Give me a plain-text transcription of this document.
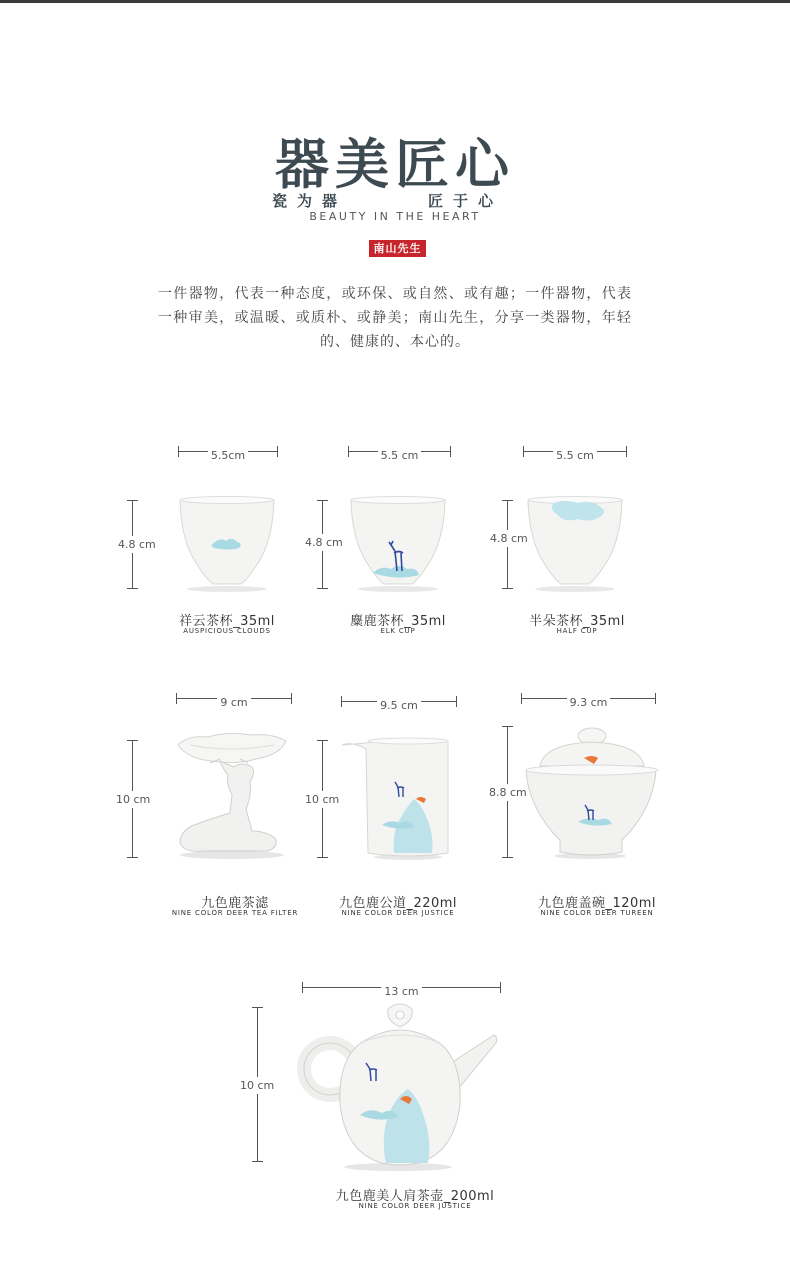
器美匠心
瓷为器	匠于心
BEAUTY IN THE HEART
南山先生
一件器物，代表一种态度，或环保、或自然、或有趣；一件器物，代表一种审美，或温暖、或质朴、或静美；南山先生，分享一类器物，年轻的、健康的、本心的。
5.5cm
4.8 cm
祥云茶杯_35ml
AUSPICIOUS CLOUDS
5.5 cm
4.8 cm
麋鹿茶杯_35ml
ELK CUP
5.5 cm
4.8 cm
半朵茶杯_35ml
HALF CUP
9 cm
10 cm
九色鹿茶滤
NINE COLOR DEER TEA FILTER
9.5 cm
10 cm
九色鹿公道_220ml
NINE COLOR DEER JUSTICE
9.3 cm
8.8 cm
九色鹿盖碗_120ml
NINE COLOR DEER TUREEN
13 cm
10 cm
九色鹿美人肩茶壶_200ml
NINE COLOR DEER JUSTICE
